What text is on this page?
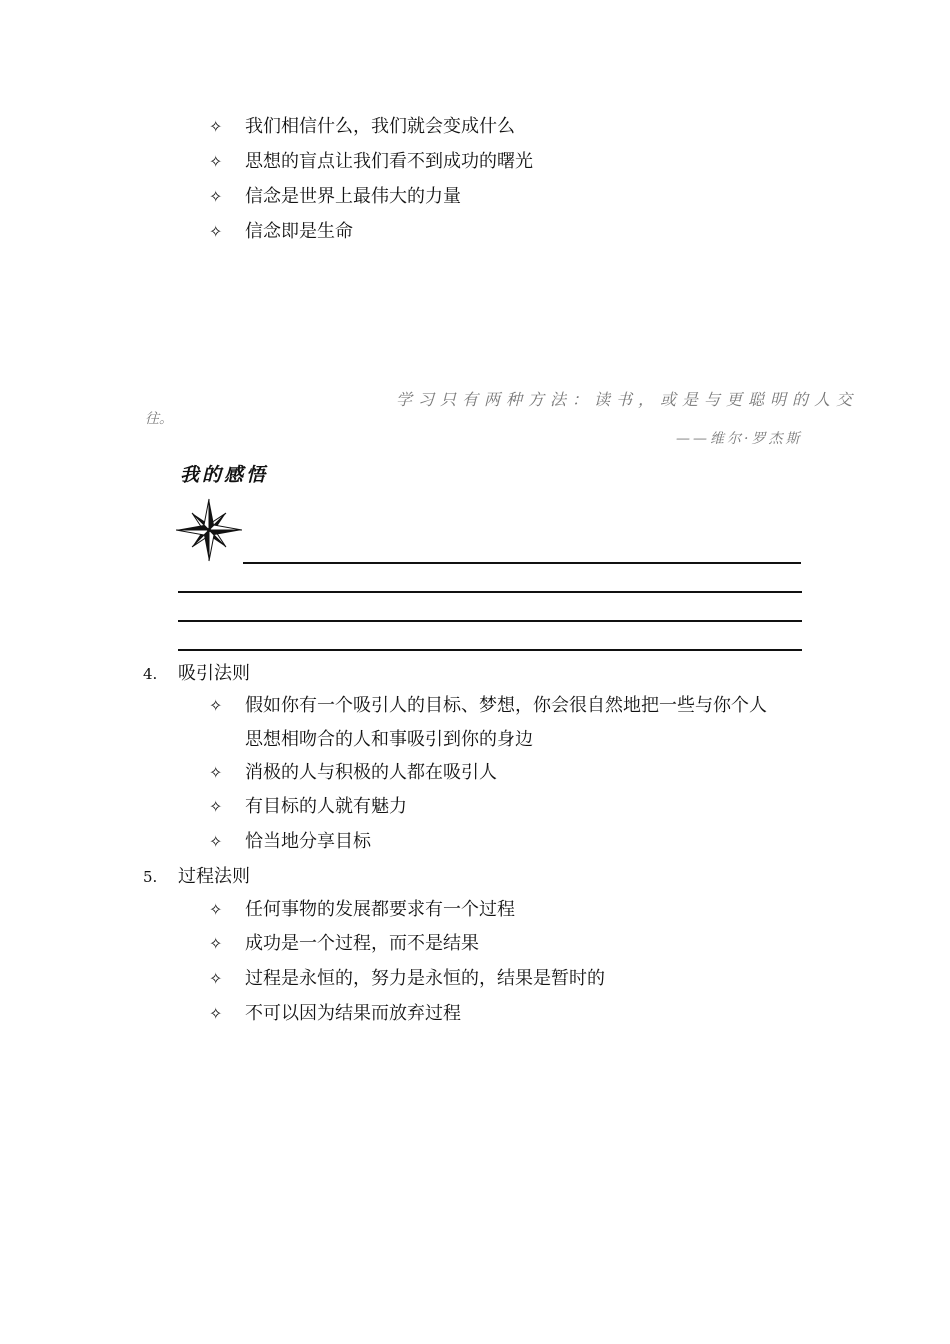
✧ 我们相信什么，我们就会变成什么
✧ 思想的盲点让我们看不到成功的曙光
✧ 信念是世界上最伟大的力量
✧ 信念即是生命
学习只有两种方法：读书，或是与更聪明的人交
往。
——维尔·罗杰斯
我的感悟
4. 吸引法则
✧ 假如你有一个吸引人的目标、梦想，你会很自然地把一些与你个人
思想相吻合的人和事吸引到你的身边
✧ 消极的人与积极的人都在吸引人
✧ 有目标的人就有魅力
✧ 恰当地分享目标
5. 过程法则
✧ 任何事物的发展都要求有一个过程
✧ 成功是一个过程，而不是结果
✧ 过程是永恒的，努力是永恒的，结果是暂时的
✧ 不可以因为结果而放弃过程
